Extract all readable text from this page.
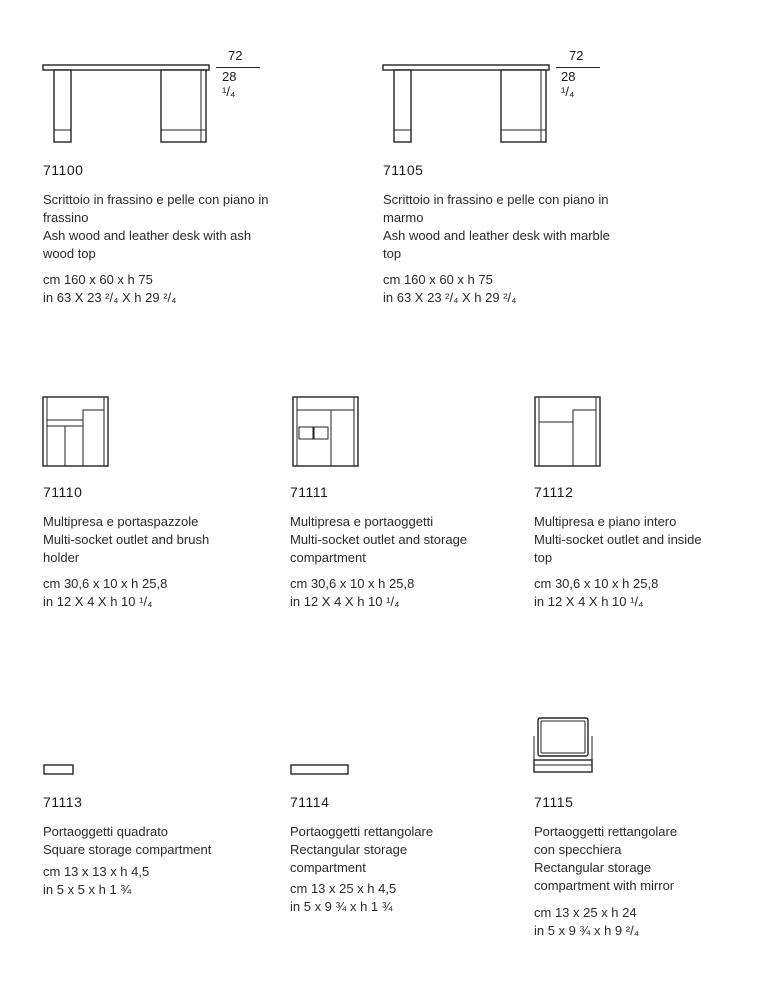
72
28 ¹/₄
71100
Scrittoio in frassino e pelle con piano in
frassino
Ash wood and leather desk with ash
wood top
cm 160 x 60 x h 75
in 63 X 23 ²/₄ X h 29 ²/₄
72
28 ¹/₄
71105
Scrittoio in frassino e pelle con piano in
marmo
Ash wood and leather desk with marble
top
cm 160 x 60 x h 75
in 63 X 23 ²/₄ X h 29 ²/₄
71110
Multipresa e portaspazzole
Multi-socket outlet and brush
holder
cm 30,6 x 10 x h 25,8
in 12 X 4 X h 10 ¹/₄
71111
Multipresa e portaoggetti
Multi-socket outlet and storage
compartment
cm 30,6 x 10 x h 25,8
in 12 X 4 X h 10 ¹/₄
71112
Multipresa e piano intero
Multi-socket outlet and inside
top
cm 30,6 x 10 x h 25,8
in 12 X 4 X h 10 ¹/₄
71113
Portaoggetti quadrato
Square storage compartment
cm 13 x 13 x h 4,5
in 5 x 5 x h 1 ¾
71114
Portaoggetti rettangolare
Rectangular storage
compartment
cm 13 x 25 x h 4,5
in 5 x 9 ¾ x h 1 ¾
71115
Portaoggetti rettangolare
con specchiera
Rectangular storage
compartment with mirror
cm 13 x 25 x h 24
in 5 x 9 ¾ x h 9 ²/₄
